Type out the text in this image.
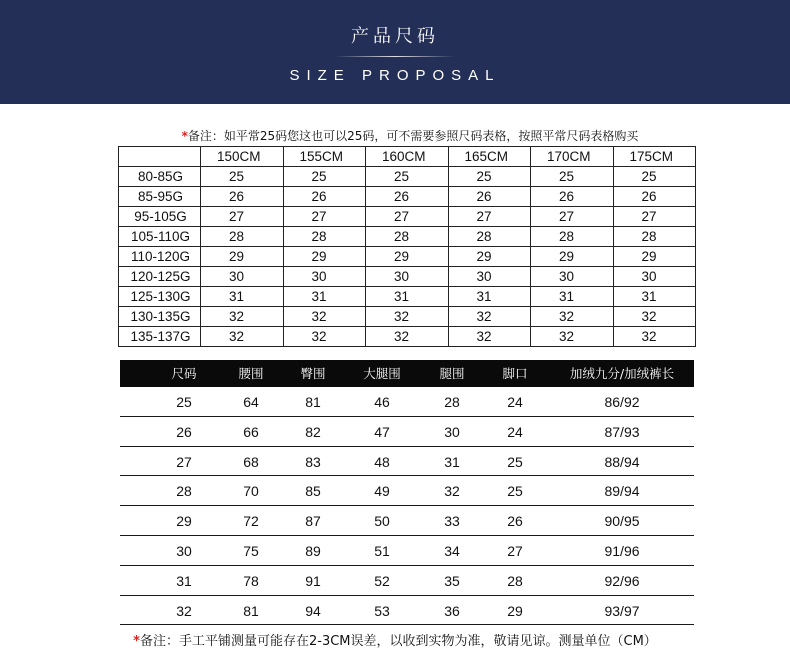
产品尺码
SIZE PROPOSAL
*备注：如平常25码您这也可以25码，可不需要参照尺码表格，按照平常尺码表格购买
	150CM	155CM	160CM	165CM	170CM	175CM
80-85G	25	25	25	25	25	25
85-95G	26	26	26	26	26	26
95-105G	27	27	27	27	27	27
105-110G	28	28	28	28	28	28
110-120G	29	29	29	29	29	29
120-125G	30	30	30	30	30	30
125-130G	31	31	31	31	31	31
130-135G	32	32	32	32	32	32
135-137G	32	32	32	32	32	32
尺码	腰围	臀围	大腿围	腿围	脚口	加绒九分/加绒裤长
25	64	81	46	28	24	86/92
26	66	82	47	30	24	87/93
27	68	83	48	31	25	88/94
28	70	85	49	32	25	89/94
29	72	87	50	33	26	90/95
30	75	89	51	34	27	91/96
31	78	91	52	35	28	92/96
32	81	94	53	36	29	93/97
*备注：手工平铺测量可能存在2-3CM误差，以收到实物为准，敬请见谅。测量单位（CM）
